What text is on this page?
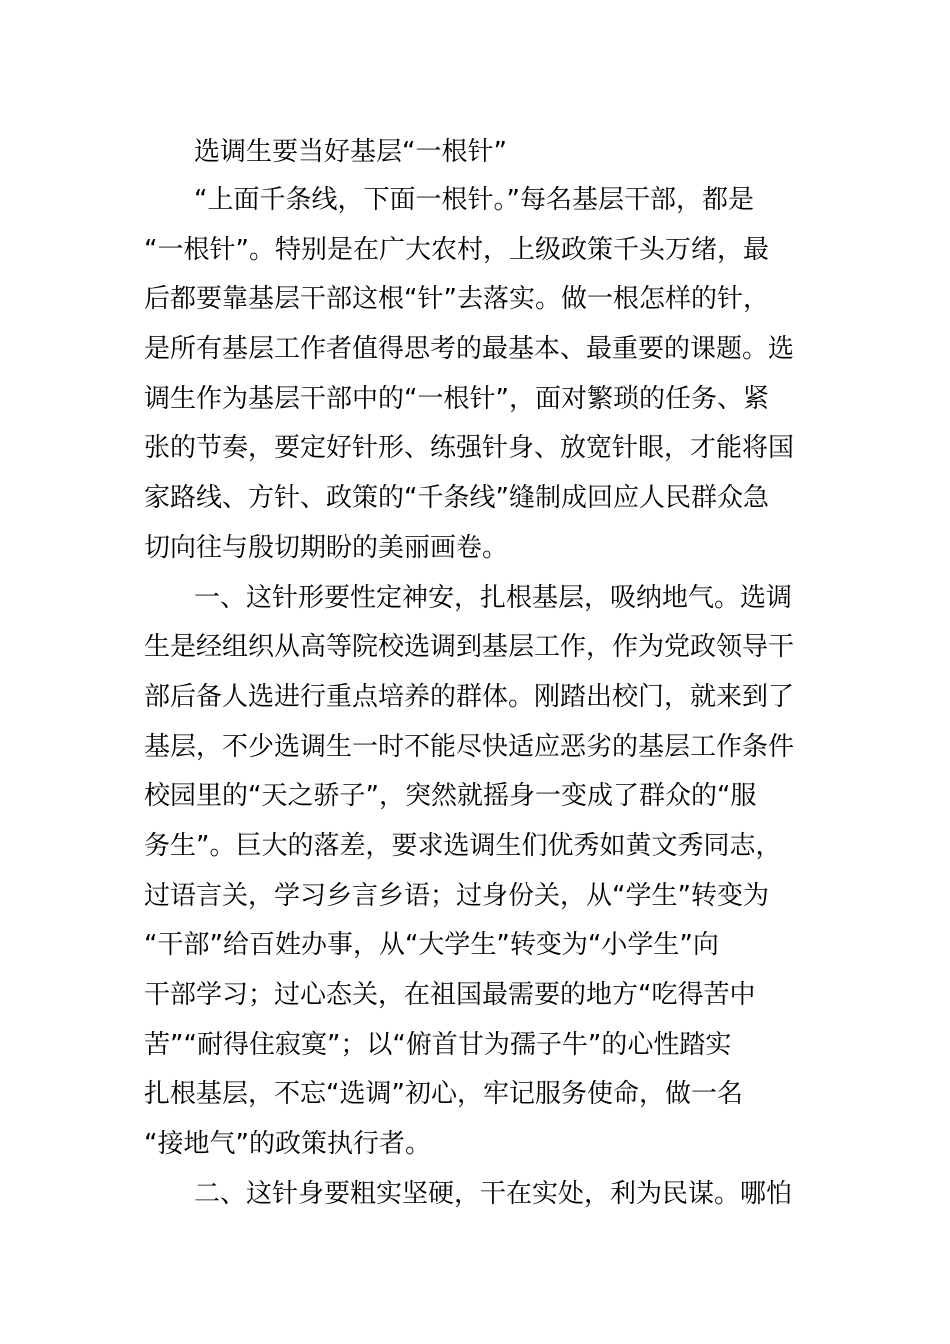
选调生要当好基层“一根针”
“上面千条线，下面一根针。”每名基层干部，都是
“一根针”。特别是在广大农村，上级政策千头万绪，最
后都要靠基层干部这根“针”去落实。做一根怎样的针，
是所有基层工作者值得思考的最基本、最重要的课题。选
调生作为基层干部中的“一根针”，面对繁琐的任务、紧
张的节奏，要定好针形、练强针身、放宽针眼，才能将国
家路线、方针、政策的“千条线”缝制成回应人民群众急
切向往与殷切期盼的美丽画卷。
一、这针形要性定神安，扎根基层，吸纳地气。选调
生是经组织从高等院校选调到基层工作，作为党政领导干
部后备人选进行重点培养的群体。刚踏出校门，就来到了
基层，不少选调生一时不能尽快适应恶劣的基层工作条件
校园里的“天之骄子”，突然就摇身一变成了群众的“服
务生”。巨大的落差，要求选调生们优秀如黄文秀同志，
过语言关，学习乡言乡语；过身份关，从“学生”转变为
“干部”给百姓办事，从“大学生”转变为“小学生”向
干部学习；过心态关，在祖国最需要的地方“吃得苦中
苦”“耐得住寂寞”；以“俯首甘为孺子牛”的心性踏实
扎根基层，不忘“选调”初心，牢记服务使命，做一名
“接地气”的政策执行者。
二、这针身要粗实坚硬，干在实处，利为民谋。哪怕
